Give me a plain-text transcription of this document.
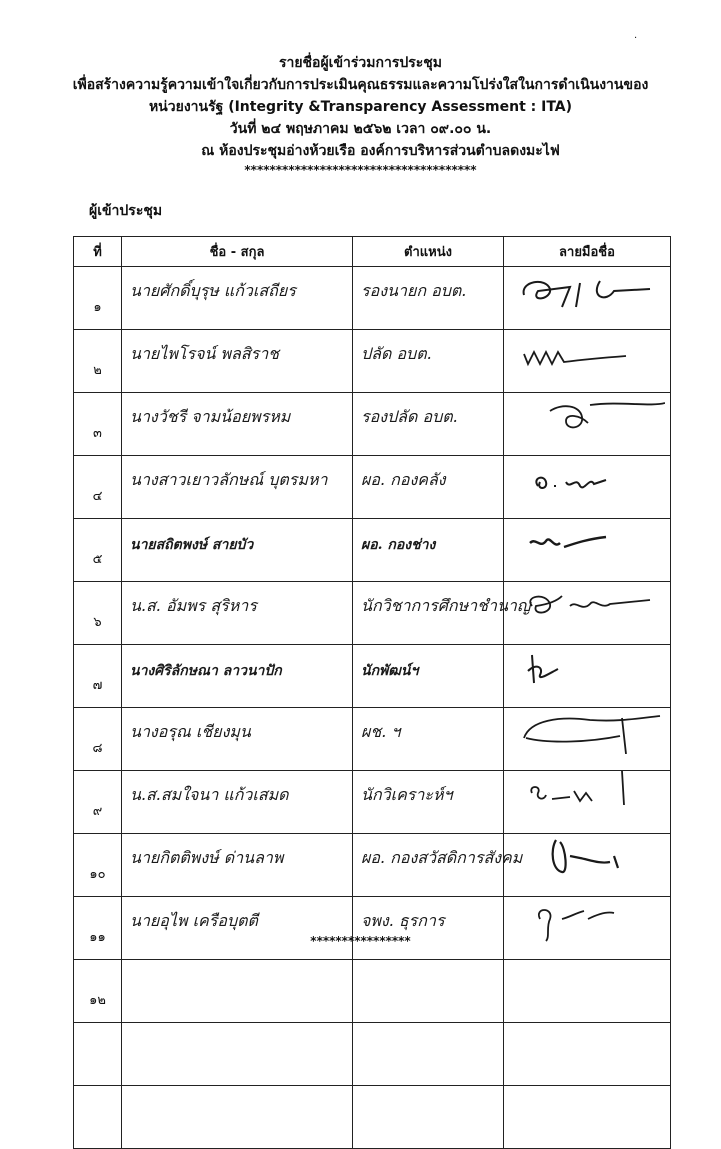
.
รายชื่อผู้เข้าร่วมการประชุม
เพื่อสร้างความรู้ความเข้าใจเกี่ยวกับการประเมินคุณธรรมและความโปร่งใสในการดำเนินงานของ
หน่วยงานรัฐ (Integrity &Transparency Assessment : ITA)
วันที่ ๒๔ พฤษภาคม ๒๕๖๒ เวลา ๐๙.๐๐ น.
ณ ห้องประชุมอ่างห้วยเรือ องค์การบริหารส่วนตำบลดงมะไฟ
*************************************
ผู้เข้าประชุม
ที่	ชื่อ - สกุล	ตำแหน่ง	ลายมือชื่อ
๑	นายศักดิ์บุรุษ แก้วเสถียร	รองนายก อบต.

๒	นายไพโรจน์ พลสิราช	ปลัด อบต.

๓	นางวัชรี จามน้อยพรหม	รองปลัด อบต.

๔	นางสาวเยาวลักษณ์ บุตรมหา	ผอ. กองคลัง

๕	นายสถิตพงษ์ สายบัว	ผอ. กองช่าง

๖	น.ส. อัมพร สุริหาร	นักวิชาการศึกษาชำนาญ

๗	นางศิริลักษณา ลาวนาปัก	นักพัฒน์ฯ

๘	นางอรุณ เชียงมุน	ผช. ฯ

๙	น.ส.สมใจนา แก้วเสมด	นักวิเคราะห์ฯ

๑๐	นายกิตติพงษ์ ด่านลาพ	ผอ. กองสวัสดิการสังคม

๑๑	นายอุไพ เครือบุตตี	จพง. ธุรการ

๑๒	

****************
